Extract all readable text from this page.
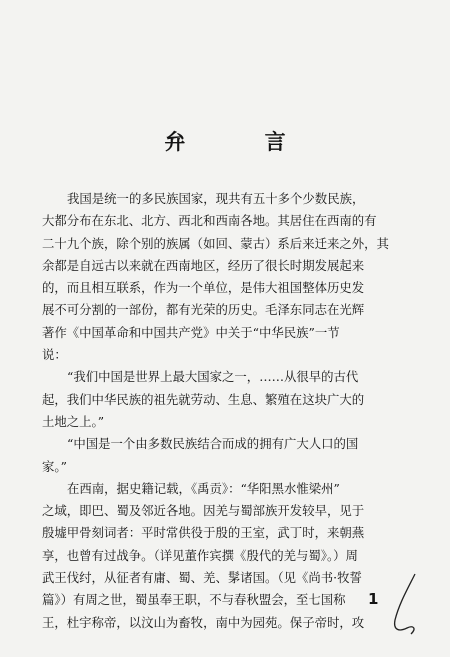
弁 言
我国是统一的多民族国家，现共有五十多个少数民族，
大都分布在东北、北方、西北和西南各地。其居住在西南的有
二十九个族，除个别的族属（如回、蒙古）系后来迁来之外，其
余都是自远古以来就在西南地区，经历了很长时期发展起来
的，而且相互联系，作为一个单位，是伟大祖国整体历史发
展不可分割的一部份，都有光荣的历史。毛泽东同志在光辉
著作《中国革命和中国共产党》中关于“中华民族”一节
说：
“我们中国是世界上最大国家之一，……从很早的古代
起，我们中华民族的祖先就劳动、生息、繁殖在这块广大的
土地之上。”
“中国是一个由多数民族结合而成的拥有广大人口的国
家。”
在西南，据史籍记载，《禹贡》：“华阳黑水惟梁州”
之域，即巴、蜀及邻近各地。因羌与蜀部族开发较早，见于
殷墟甲骨刻词者：平时常供役于殷的王室，武丁时，来朝燕
享，也曾有过战争。（详见董作宾撰《殷代的羌与蜀》。）周
武王伐纣，从征者有庸、蜀、羌、髳诸国。（见《尚书·牧誓
篇》）有周之世，蜀虽奉王职，不与春秋盟会，至七国称
王，杜宇称帝，以汶山为畜牧，南中为园苑。保子帝时，攻
1
